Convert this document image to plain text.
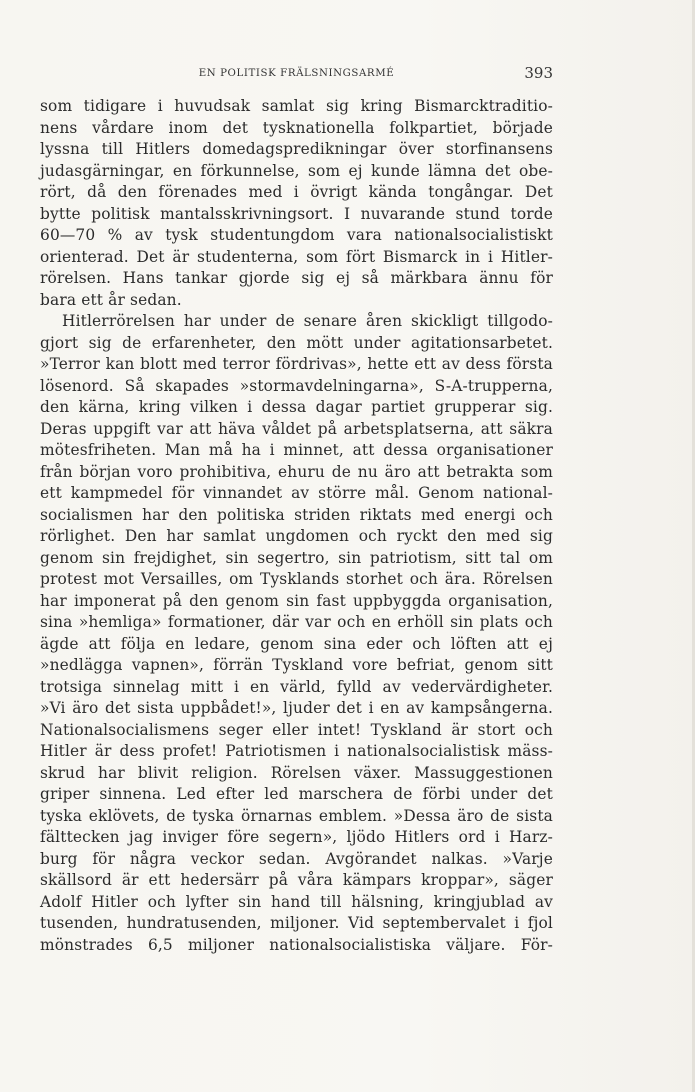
EN POLITISK FRÄLSNINGSARMÉ	393
som tidigare i huvudsak samlat sig kring Bismarcktraditio-
nens vårdare inom det tysknationella folkpartiet, började
lyssna till Hitlers domedagspredikningar över storfinansens
judasgärningar, en förkunnelse, som ej kunde lämna det obe-
rört, då den förenades med i övrigt kända tongångar. Det
bytte politisk mantalsskrivningsort. I nuvarande stund torde
60—70 % av tysk studentungdom vara nationalsocialistiskt
orienterad. Det är studenterna, som fört Bismarck in i Hitler-
rörelsen. Hans tankar gjorde sig ej så märkbara ännu för
bara ett år sedan.
Hitlerrörelsen har under de senare åren skickligt tillgodo-
gjort sig de erfarenheter, den mött under agitationsarbetet.
»Terror kan blott med terror fördrivas», hette ett av dess första
lösenord. Så skapades »stormavdelningarna», S-A-trupperna,
den kärna, kring vilken i dessa dagar partiet grupperar sig.
Deras uppgift var att häva våldet på arbetsplatserna, att säkra
mötesfriheten. Man må ha i minnet, att dessa organisationer
från början voro prohibitiva, ehuru de nu äro att betrakta som
ett kampmedel för vinnandet av större mål. Genom national-
socialismen har den politiska striden riktats med energi och
rörlighet. Den har samlat ungdomen och ryckt den med sig
genom sin frejdighet, sin segertro, sin patriotism, sitt tal om
protest mot Versailles, om Tysklands storhet och ära. Rörelsen
har imponerat på den genom sin fast uppbyggda organisation,
sina »hemliga» formationer, där var och en erhöll sin plats och
ägde att följa en ledare, genom sina eder och löften att ej
»nedlägga vapnen», förrän Tyskland vore befriat, genom sitt
trotsiga sinnelag mitt i en värld, fylld av vedervärdigheter.
»Vi äro det sista uppbådet!», ljuder det i en av kampsångerna.
Nationalsocialismens seger eller intet! Tyskland är stort och
Hitler är dess profet! Patriotismen i nationalsocialistisk mäss-
skrud har blivit religion. Rörelsen växer. Massuggestionen
griper sinnena. Led efter led marschera de förbi under det
tyska eklövets, de tyska örnarnas emblem. »Dessa äro de sista
fälttecken jag inviger före segern», ljödo Hitlers ord i Harz-
burg för några veckor sedan. Avgörandet nalkas. »Varje
skällsord är ett hedersärr på våra kämpars kroppar», säger
Adolf Hitler och lyfter sin hand till hälsning, kringjublad av
tusenden, hundratusenden, miljoner. Vid septembervalet i fjol
mönstrades 6,5 miljoner nationalsocialistiska väljare. För-
